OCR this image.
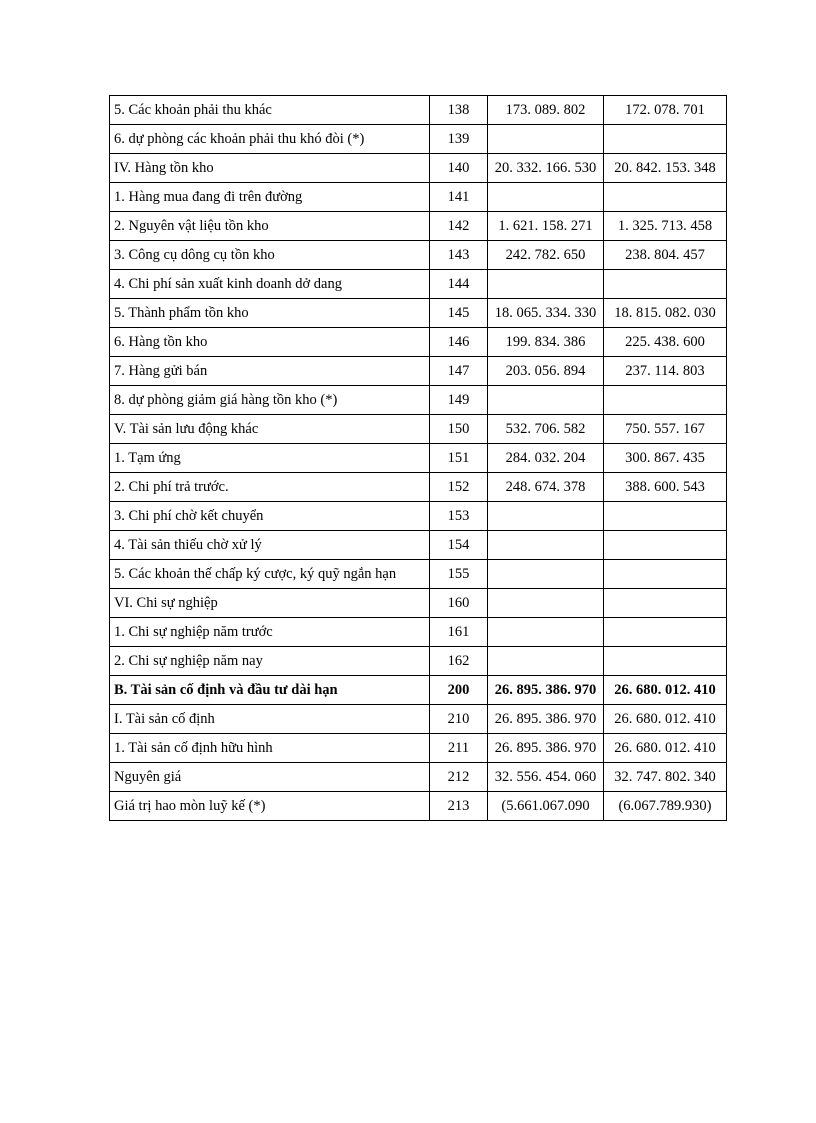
5. Các khoản phải thu khác	138	173. 089. 802	172. 078. 701
6. dự phòng các khoản phải thu khó đòi (*)	139		
IV. Hàng tồn kho	140	20. 332. 166. 530	20. 842. 153. 348
1. Hàng mua đang đi trên đường	141		
2. Nguyên vật liệu tồn kho	142	1. 621. 158. 271	1. 325. 713. 458
3. Công cụ dông cụ tồn kho	143	242. 782. 650	238. 804. 457
4. Chi phí sản xuất kinh doanh dở dang	144		
5. Thành phẩm tồn kho	145	18. 065. 334. 330	18. 815. 082. 030
6. Hàng tồn kho	146	199. 834. 386	225. 438. 600
7. Hàng gửi bán	147	203. 056. 894	237. 114. 803
8. dự phòng giảm giá hàng tồn kho (*)	149		
V. Tài sản lưu động khác	150	532. 706. 582	750. 557. 167
1. Tạm ứng	151	284. 032. 204	300. 867. 435
2. Chi phí trả trước.	152	248. 674. 378	388. 600. 543
3. Chi phí chờ kết chuyển	153		
4. Tài sản thiếu chờ xử lý	154		
5. Các khoản thế chấp ký cược, ký quỹ ngắn hạn	155		
VI. Chi sự nghiệp	160		
1. Chi sự nghiệp năm trước	161		
2. Chi sự nghiệp năm nay	162		
B. Tài sản cố định và đầu tư dài hạn	200	26. 895. 386. 970	26. 680. 012. 410
I. Tài sản cố định	210	26. 895. 386. 970	26. 680. 012. 410
1. Tài sản cố định hữu hình	211	26. 895. 386. 970	26. 680. 012. 410
Nguyên giá	212	32. 556. 454. 060	32. 747. 802. 340
Giá trị hao mòn luỹ kế (*)	213	(5.661.067.090	(6.067.789.930)
